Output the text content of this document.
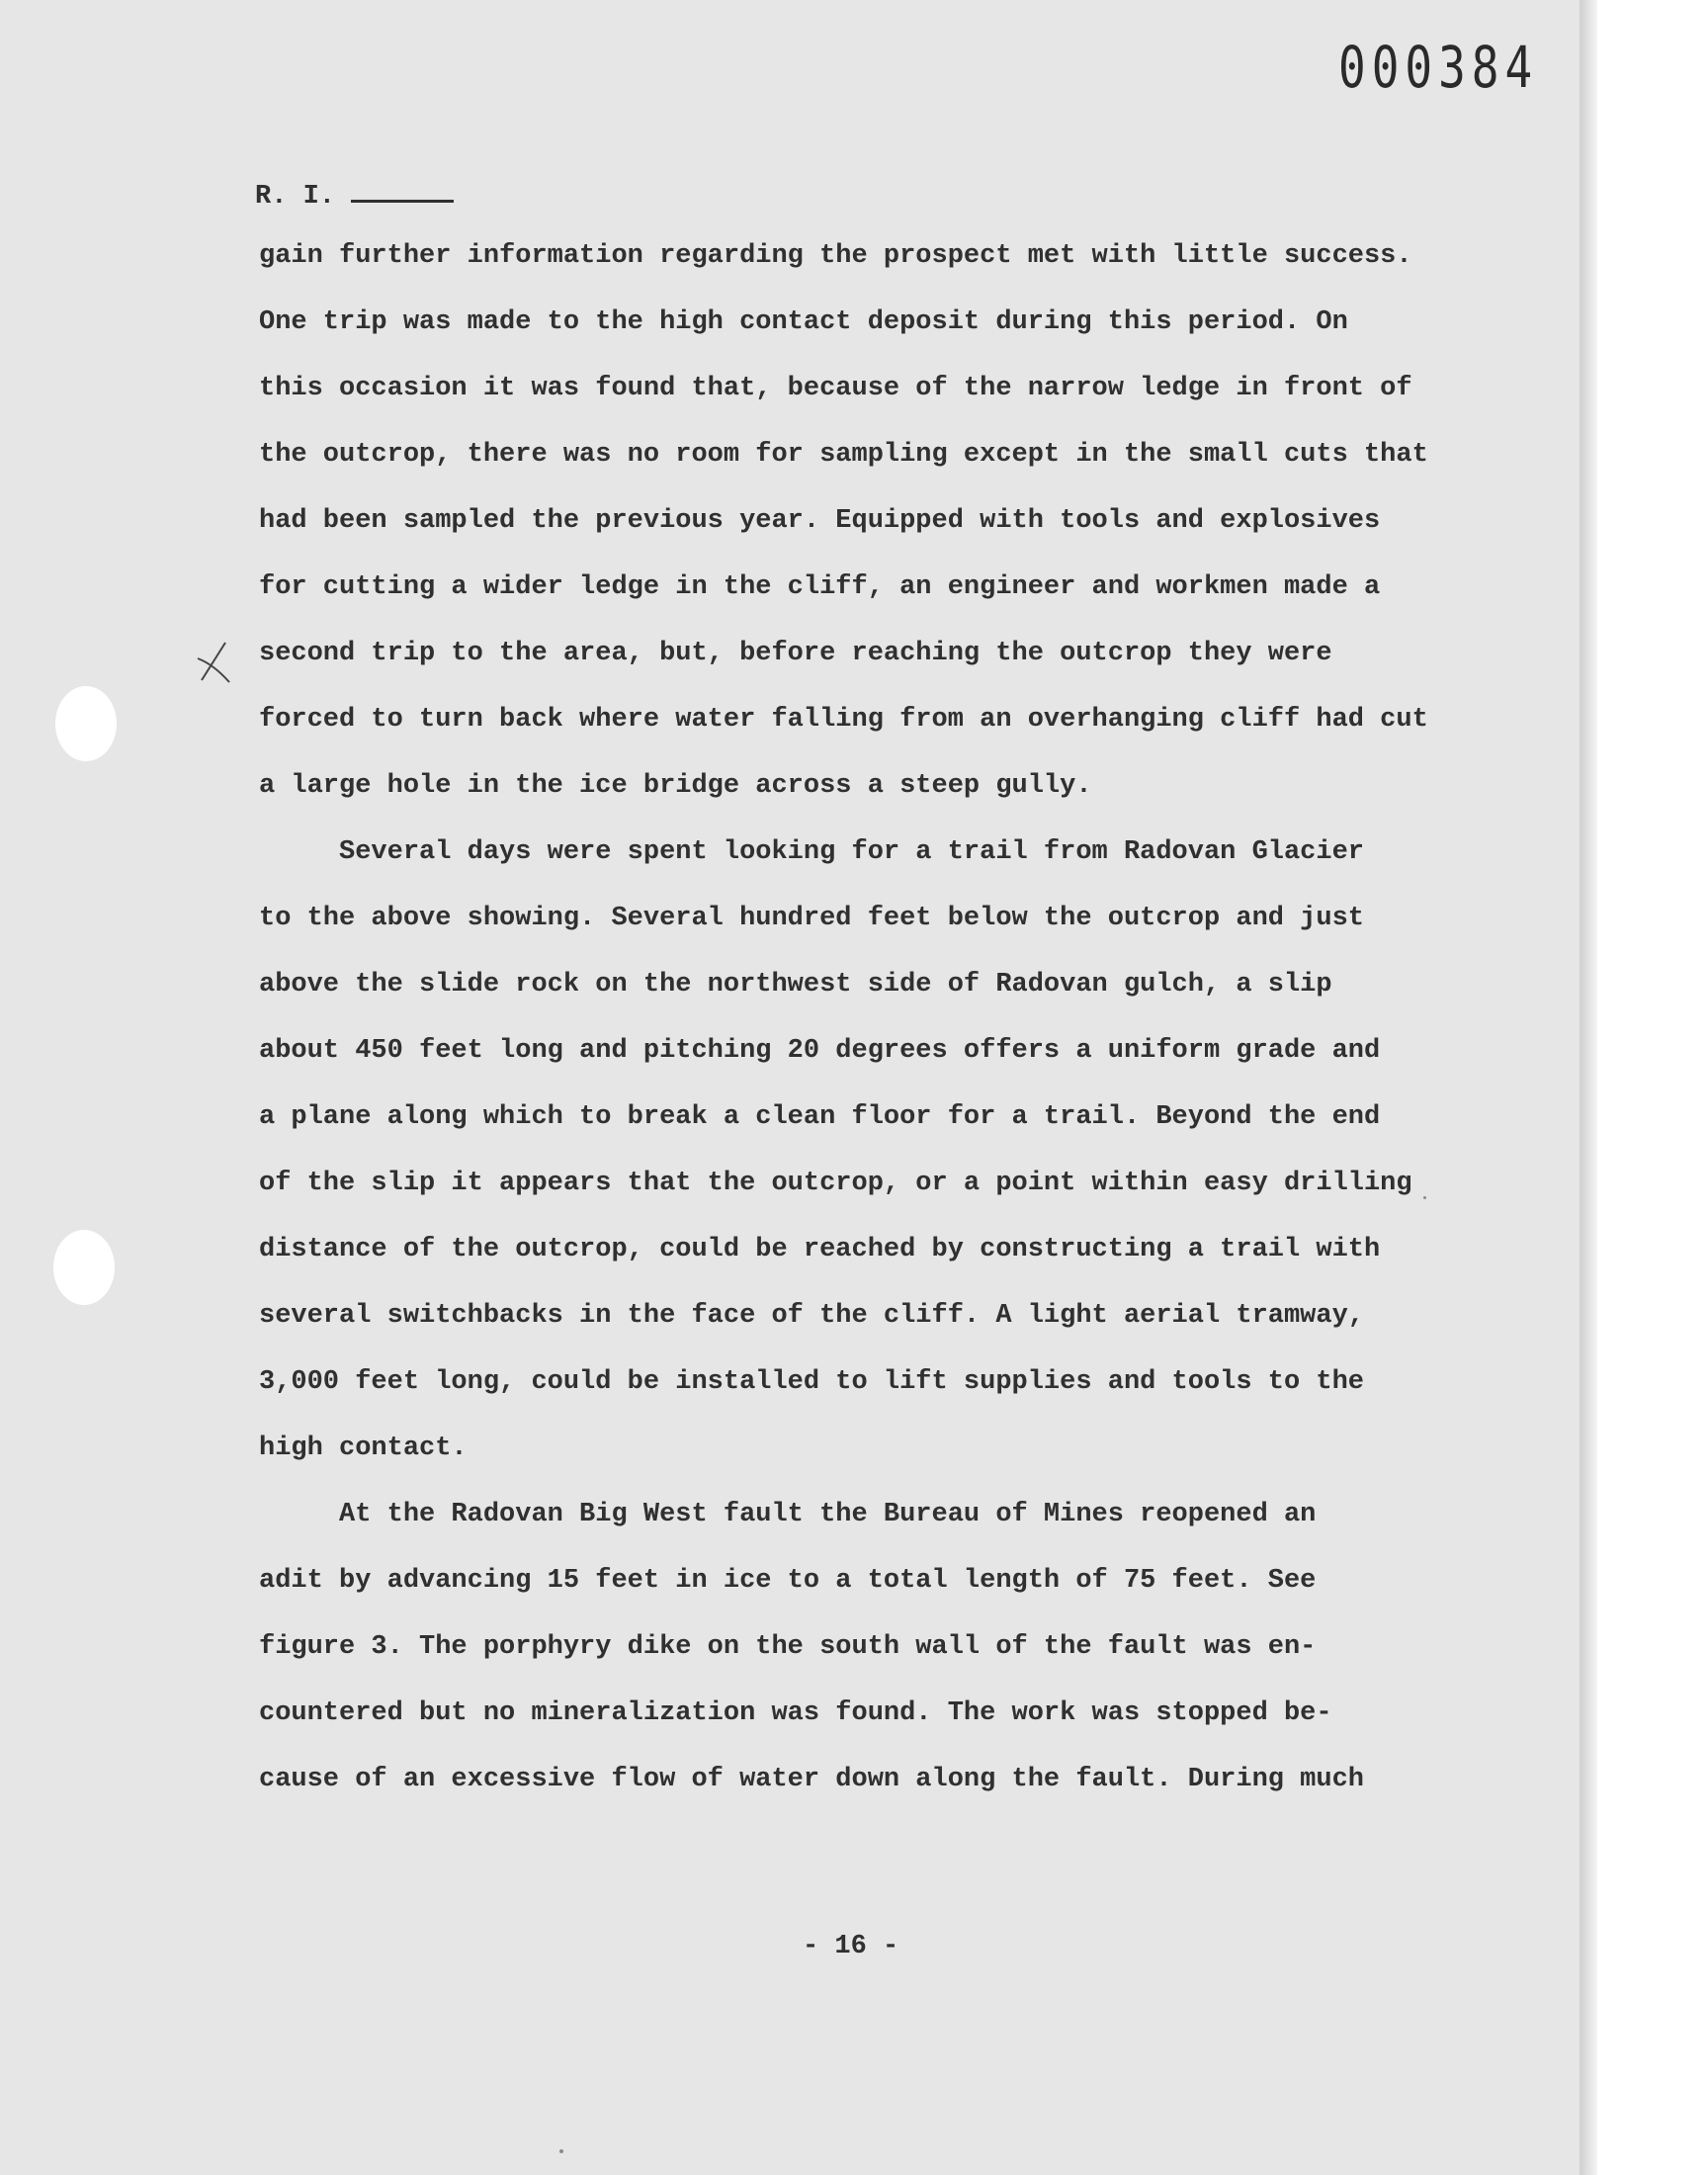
000384
R. I.
gain further information regarding the prospect met with little success.
One trip was made to the high contact deposit during this period. On
this occasion it was found that, because of the narrow ledge in front of
the outcrop, there was no room for sampling except in the small cuts that
had been sampled the previous year. Equipped with tools and explosives
for cutting a wider ledge in the cliff, an engineer and workmen made a
second trip to the area, but, before reaching the outcrop they were
forced to turn back where water falling from an overhanging cliff had cut
a large hole in the ice bridge across a steep gully.
Several days were spent looking for a trail from Radovan Glacier
to the above showing. Several hundred feet below the outcrop and just
above the slide rock on the northwest side of Radovan gulch, a slip
about 450 feet long and pitching 20 degrees offers a uniform grade and
a plane along which to break a clean floor for a trail. Beyond the end
of the slip it appears that the outcrop, or a point within easy drilling
distance of the outcrop, could be reached by constructing a trail with
several switchbacks in the face of the cliff. A light aerial tramway,
3,000 feet long, could be installed to lift supplies and tools to the
high contact.
At the Radovan Big West fault the Bureau of Mines reopened an
adit by advancing 15 feet in ice to a total length of 75 feet. See
figure 3. The porphyry dike on the south wall of the fault was en-
countered but no mineralization was found. The work was stopped be-
cause of an excessive flow of water down along the fault. During much
- 16 -
